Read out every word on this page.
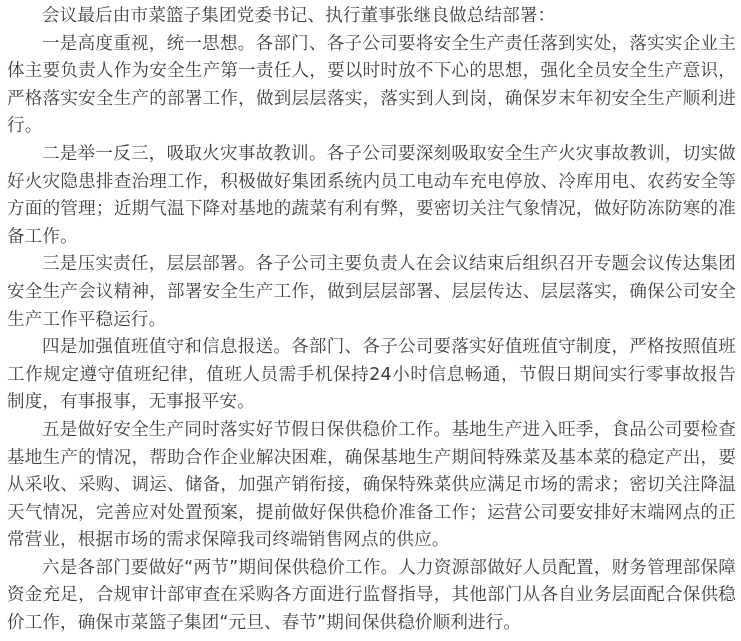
会议最后由市菜篮子集团党委书记、执行董事张继良做总结部署：

一是高度重视，统一思想。各部门、各子公司要将安全生产责任落到实处，落实实企业主体主要负责人作为安全生产第一责任人，要以时时放不下心的思想，强化全员安全生产意识，严格落实安全生产的部署工作，做到层层落实，落实到人到岗，确保岁末年初安全生产顺利进行。

二是举一反三，吸取火灾事故教训。各子公司要深刻吸取安全生产火灾事故教训，切实做好火灾隐患排查治理工作，积极做好集团系统内员工电动车充电停放、冷库用电、农药安全等方面的管理；近期气温下降对基地的蔬菜有利有弊，要密切关注气象情况，做好防冻防寒的准备工作。

三是压实责任，层层部署。各子公司主要负责人在会议结束后组织召开专题会议传达集团安全生产会议精神，部署安全生产工作，做到层层部署、层层传达、层层落实，确保公司安全生产工作平稳运行。

四是加强值班值守和信息报送。各部门、各子公司要落实好值班值守制度，严格按照值班工作规定遵守值班纪律，值班人员需手机保持24小时信息畅通，节假日期间实行零事故报告制度，有事报事，无事报平安。

五是做好安全生产同时落实好节假日保供稳价工作。基地生产进入旺季，食品公司要检查基地生产的情况，帮助合作企业解决困难，确保基地生产期间特殊菜及基本菜的稳定产出，要从采收、采购、调运、储备，加强产销衔接，确保特殊菜供应满足市场的需求；密切关注降温天气情况，完善应对处置预案，提前做好保供稳价准备工作；运营公司要安排好末端网点的正常营业，根据市场的需求保障我司终端销售网点的供应。

六是各部门要做好“两节”期间保供稳价工作。人力资源部做好人员配置，财务管理部保障资金充足，合规审计部审查在采购各方面进行监督指导，其他部门从各自业务层面配合保供稳价工作，确保市菜篮子集团“元旦、春节”期间保供稳价顺利进行。
